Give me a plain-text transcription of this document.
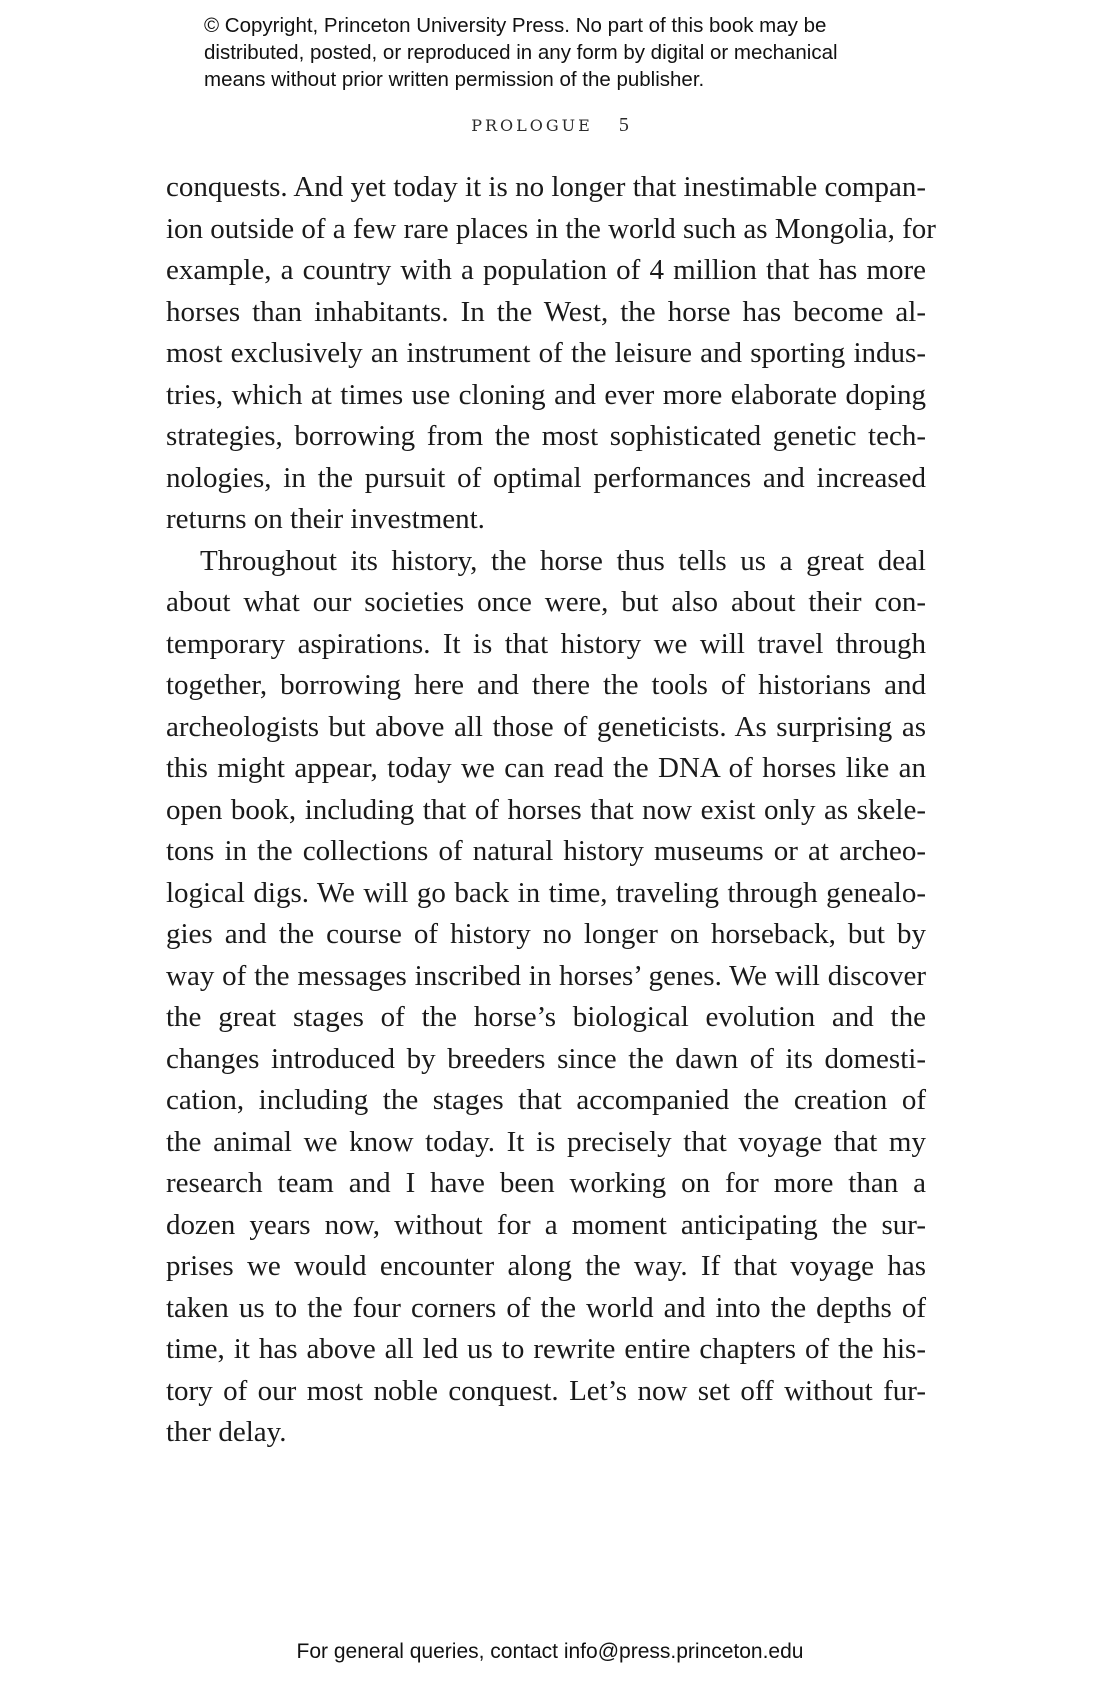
© Copyright, Princeton University Press. No part of this book may be
distributed, posted, or reproduced in any form by digital or mechanical
means without prior written permission of the publisher.
PROLOGUE 5
conquests. And yet today it is no longer that inestimable compan-
ion outside of a few rare places in the world such as Mongolia, for
example, a country with a population of 4 million that has more
horses than inhabitants. In the West, the horse has become al-
most exclusively an instrument of the leisure and sporting indus-
tries, which at times use cloning and ever more elaborate doping
strategies, borrowing from the most sophisticated genetic tech-
nologies, in the pursuit of optimal performances and increased
returns on their investment.
Throughout its history, the horse thus tells us a great deal
about what our societies once were, but also about their con-
temporary aspirations. It is that history we will travel through
together, borrowing here and there the tools of historians and
archeologists but above all those of geneticists. As surprising as
this might appear, today we can read the DNA of horses like an
open book, including that of horses that now exist only as skele-
tons in the collections of natural history museums or at archeo-
logical digs. We will go back in time, traveling through genealo-
gies and the course of history no longer on horseback, but by
way of the messages inscribed in horses’ genes. We will discover
the great stages of the horse’s biological evolution and the
changes introduced by breeders since the dawn of its domesti-
cation, including the stages that accompanied the creation of
the animal we know today. It is precisely that voyage that my
research team and I have been working on for more than a
dozen years now, without for a moment anticipating the sur-
prises we would encounter along the way. If that voyage has
taken us to the four corners of the world and into the depths of
time, it has above all led us to rewrite entire chapters of the his-
tory of our most noble conquest. Let’s now set off without fur-
ther delay.
For general queries, contact info@press.princeton.edu
